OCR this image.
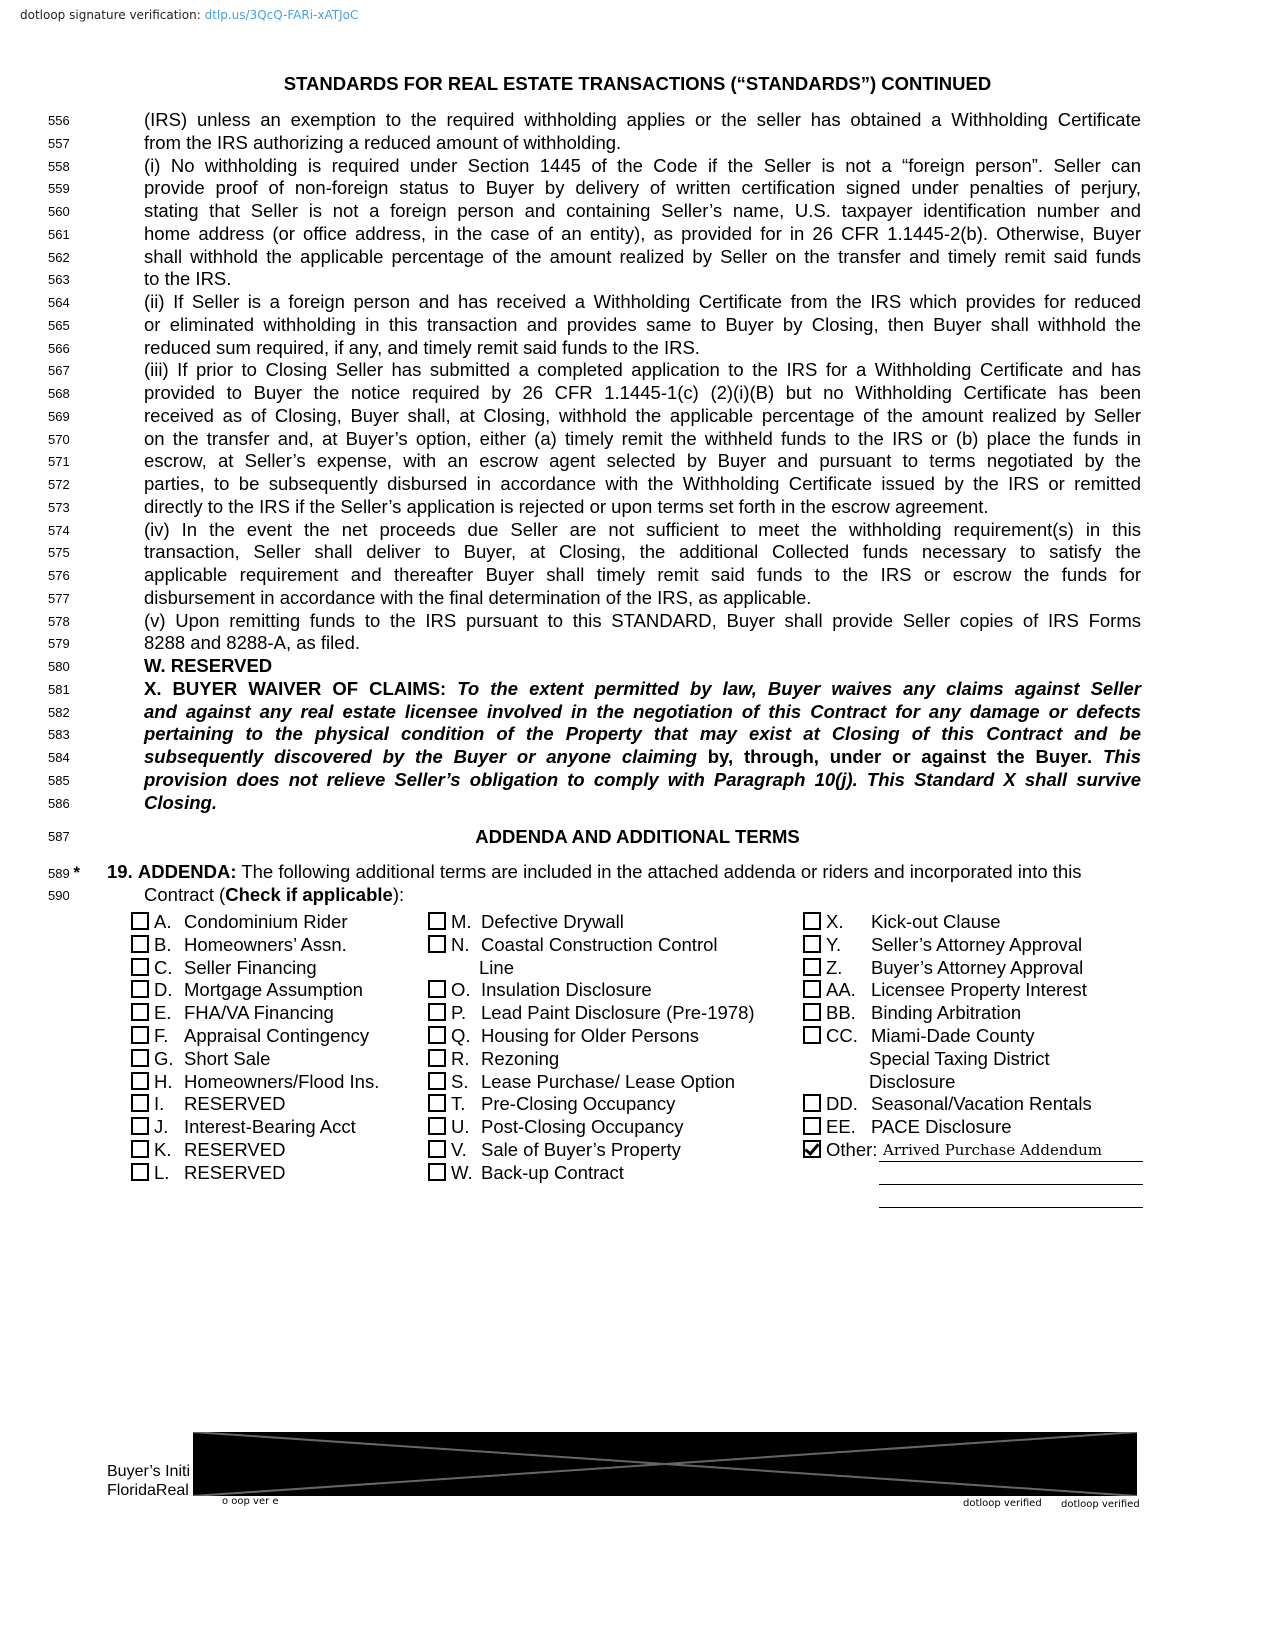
dotloop signature verification: dtlp.us/3QcQ-FARi-xATJoC
STANDARDS FOR REAL ESTATE TRANSACTIONS (“STANDARDS”) CONTINUED
556	(IRS) unless an exemption to the required withholding applies or the seller has obtained a Withholding Certificate
557	from the IRS authorizing a reduced amount of withholding.
558	(i) No withholding is required under Section 1445 of the Code if the Seller is not a “foreign person”. Seller can
559	provide proof of non-foreign status to Buyer by delivery of written certification signed under penalties of perjury,
560	stating that Seller is not a foreign person and containing Seller’s name, U.S. taxpayer identification number and
561	home address (or office address, in the case of an entity), as provided for in 26 CFR 1.1445-2(b). Otherwise, Buyer
562	shall withhold the applicable percentage of the amount realized by Seller on the transfer and timely remit said funds
563	to the IRS.
564	(ii) If Seller is a foreign person and has received a Withholding Certificate from the IRS which provides for reduced
565	or eliminated withholding in this transaction and provides same to Buyer by Closing, then Buyer shall withhold the
566	reduced sum required, if any, and timely remit said funds to the IRS.
567	(iii) If prior to Closing Seller has submitted a completed application to the IRS for a Withholding Certificate and has
568	provided to Buyer the notice required by 26 CFR 1.1445-1(c) (2)(i)(B) but no Withholding Certificate has been
569	received as of Closing, Buyer shall, at Closing, withhold the applicable percentage of the amount realized by Seller
570	on the transfer and, at Buyer’s option, either (a) timely remit the withheld funds to the IRS or (b) place the funds in
571	escrow, at Seller’s expense, with an escrow agent selected by Buyer and pursuant to terms negotiated by the
572	parties, to be subsequently disbursed in accordance with the Withholding Certificate issued by the IRS or remitted
573	directly to the IRS if the Seller’s application is rejected or upon terms set forth in the escrow agreement.
574	(iv) In the event the net proceeds due Seller are not sufficient to meet the withholding requirement(s) in this
575	transaction, Seller shall deliver to Buyer, at Closing, the additional Collected funds necessary to satisfy the
576	applicable requirement and thereafter Buyer shall timely remit said funds to the IRS or escrow the funds for
577	disbursement in accordance with the final determination of the IRS, as applicable.
578	(v) Upon remitting funds to the IRS pursuant to this STANDARD, Buyer shall provide Seller copies of IRS Forms
579	8288 and 8288-A, as filed.
580	W. RESERVED
581	X. BUYER WAIVER OF CLAIMS: To the extent permitted by law, Buyer waives any claims against Seller
582	and against any real estate licensee involved in the negotiation of this Contract for any damage or defects
583	pertaining to the physical condition of the Property that may exist at Closing of this Contract and be
584	subsequently discovered by the Buyer or anyone claiming by, through, under or against the Buyer. This
585	provision does not relieve Seller’s obligation to comply with Paragraph 10(j). This Standard X shall survive
586	Closing.
587	ADDENDA AND ADDITIONAL TERMS
589 * 19. ADDENDA: The following additional terms are included in the attached addenda or riders and incorporated into this
590	Contract (Check if applicable):
A. Condominium Rider
B. Homeowners’ Assn.
C. Seller Financing
D. Mortgage Assumption
E. FHA/VA Financing
F. Appraisal Contingency
G. Short Sale
H. Homeowners/Flood Ins.
I. RESERVED
J. Interest-Bearing Acct
K. RESERVED
L. RESERVED
M. Defective Drywall
N. Coastal Construction Control
Line
O. Insulation Disclosure
P. Lead Paint Disclosure (Pre-1978)
Q. Housing for Older Persons
R. Rezoning
S. Lease Purchase/ Lease Option
T. Pre-Closing Occupancy
U. Post-Closing Occupancy
V. Sale of Buyer’s Property
W. Back-up Contract
X. Kick-out Clause
Y. Seller’s Attorney Approval
Z. Buyer’s Attorney Approval
AA. Licensee Property Interest
BB. Binding Arbitration
CC. Miami-Dade County
Special Taxing District
Disclosure
DD. Seasonal/Vacation Rentals
EE. PACE Disclosure
Other: Arrived Purchase Addendum
Buyer’s Initi
FloridaReal
o oop ver e	dotloop verified dotloop verified
